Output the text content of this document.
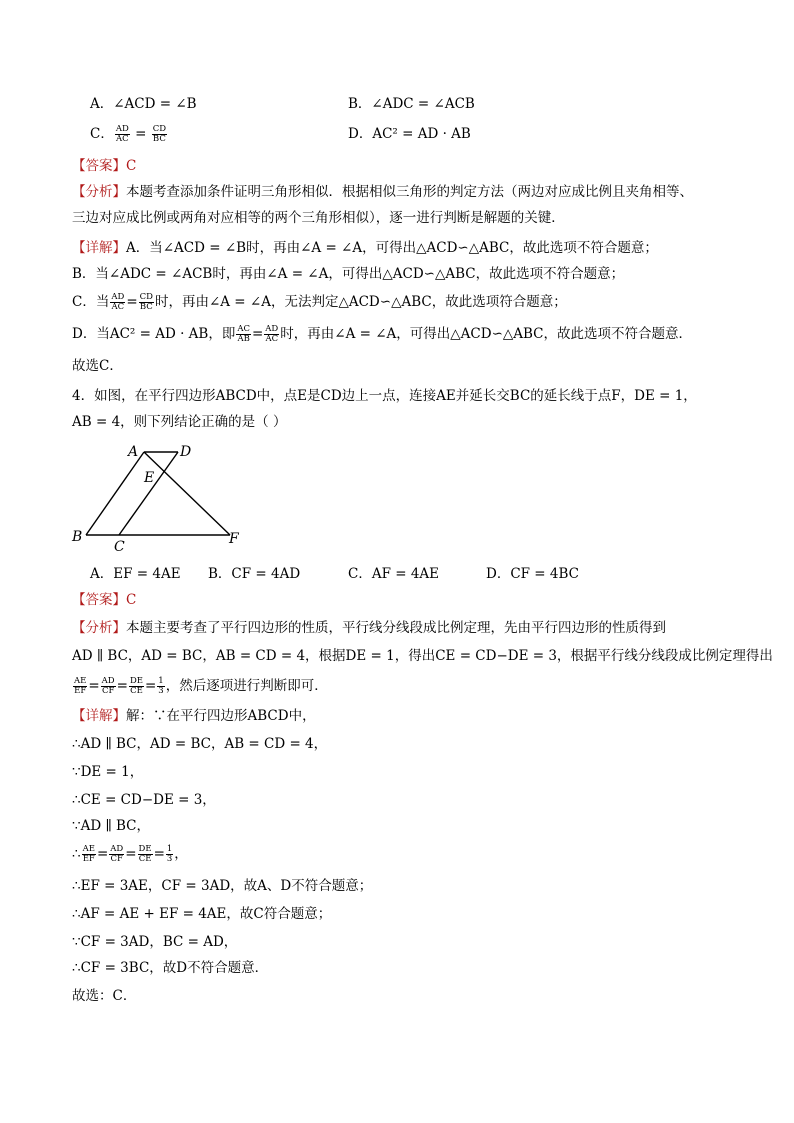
A．∠ACD = ∠B	B．∠ADC = ∠ACB
C． $\frac{AD}{AC} = \frac{CD}{BC}$	D．AC² = AD · AB
【答案】C
【分析】本题考查添加条件证明三角形相似．根据相似三角形的判定方法（两边对应成比例且夹角相等、
三边对应成比例或两角对应相等的两个三角形相似），逐一进行判断是解题的关键．
【详解】A．当∠ACD = ∠B时，再由∠A = ∠A，可得出△ACD∽△ABC，故此选项不符合题意；
B．当∠ADC = ∠ACB时，再由∠A = ∠A，可得出△ACD∽△ABC，故此选项不符合题意；
C．当 $\frac{AD}{AC} = \frac{CD}{BC}$ 时，再由∠A = ∠A，无法判定△ACD∽△ABC，故此选项符合题意；
D．当AC² = AD · AB，即 $\frac{AC}{AB} = \frac{AD}{AC}$ 时，再由∠A = ∠A，可得出△ACD∽△ABC，故此选项不符合题意．
故选C．
4．如图，在平行四边形ABCD中，点E是CD边上一点，连接AE并延长交BC的延长线于点F，DE = 1，
AB = 4，则下列结论正确的是（ ）
A	D
E
B
C	F
A．EF = 4AE B．CF = 4AD	C．AF = 4AE	D．CF = 4BC
【答案】C
【分析】本题主要考查了平行四边形的性质，平行线分线段成比例定理，先由平行四边形的性质得到
AD ∥ BC，AD = BC，AB = CD = 4，根据DE = 1，得出CE = CD−DE = 3，根据平行线分线段成比例定理得出
$\frac{AE}{EF} = \frac{AD}{CF} = \frac{DE}{CE} = \frac{1}{3}$ ，然后逐项进行判断即可．
【详解】解：∵在平行四边形ABCD中，
∴AD ∥ BC，AD = BC，AB = CD = 4，
∵DE = 1，
∴CE = CD−DE = 3，
∵AD ∥ BC，
∴ $\frac{AE}{EF} = \frac{AD}{CF} = \frac{DE}{CE} = \frac{1}{3}$ ，
∴EF = 3AE，CF = 3AD，故A、D不符合题意；
∴AF = AE + EF = 4AE，故C符合题意；
∵CF = 3AD，BC = AD，
∴CF = 3BC，故D不符合题意．
故选：C．
